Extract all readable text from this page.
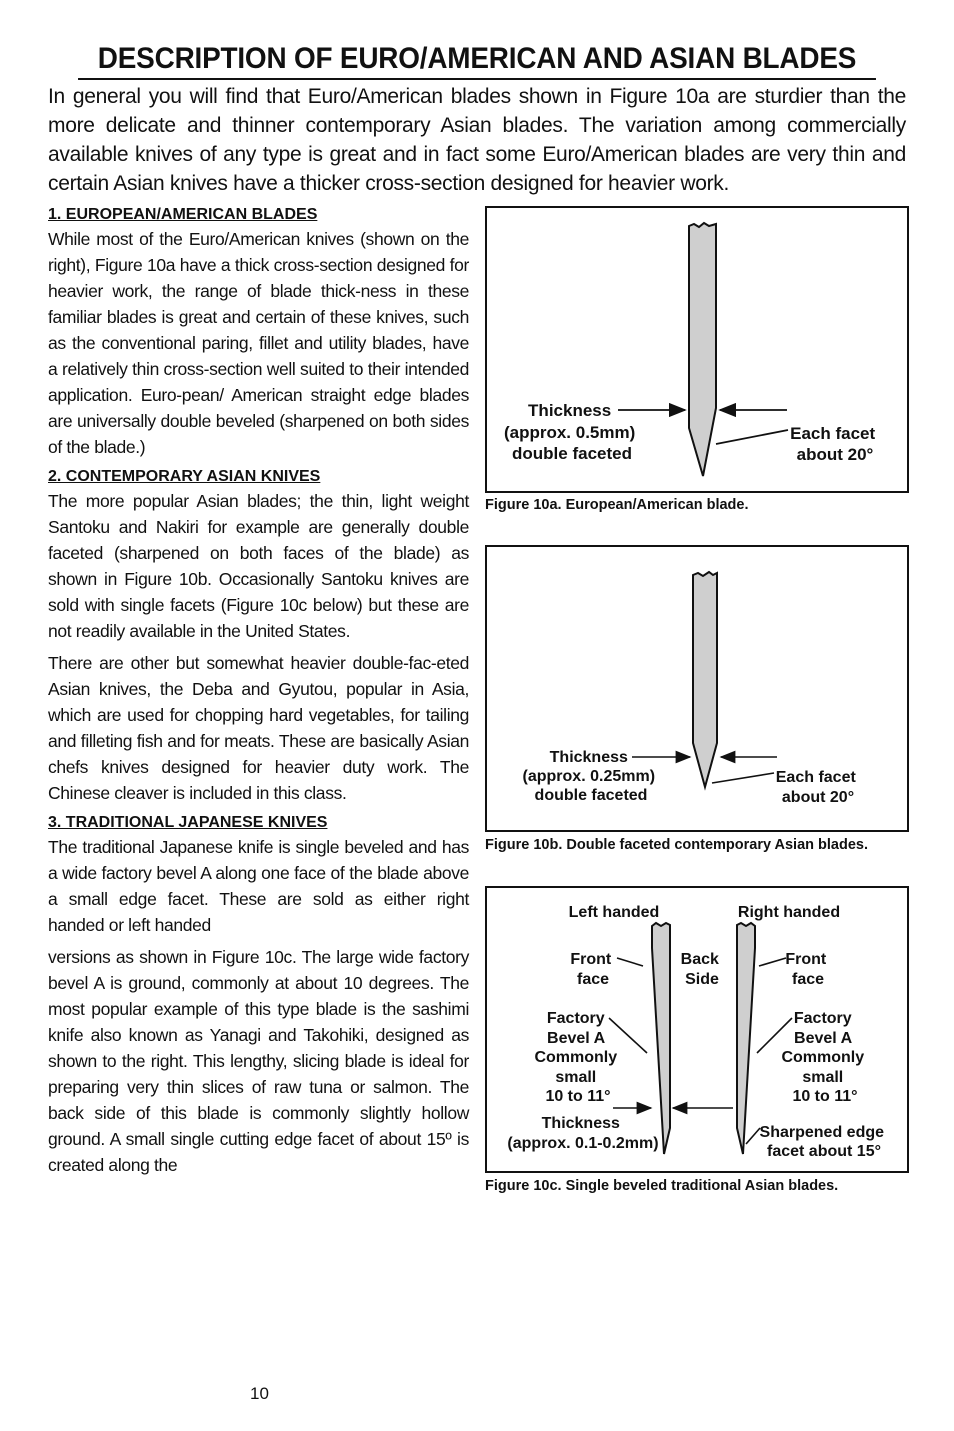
DESCRIPTION OF EURO/AMERICAN AND ASIAN BLADES

In general you will find that Euro/American blades shown in Figure 10a are sturdier than the more delicate and thinner contemporary Asian blades. The variation among commercially available knives of any type is great and in fact some Euro/American blades are very thin and certain Asian knives have a thicker cross-section designed for heavier work.

1. EUROPEAN/AMERICAN BLADES

While most of the Euro/American knives (shown on the right), Figure 10a have a thick cross-section designed for heavier work, the range of blade thick-ness in these familiar blades is great and certain of these knives, such as the conventional paring, fillet and utility blades, have a relatively thin cross-section well suited to their intended application. Euro-pean/ American straight edge blades are universally double beveled (sharpened on both sides of the blade.)

2. CONTEMPORARY ASIAN KNIVES

The more popular Asian blades; the thin, light weight Santoku and Nakiri for example are generally double faceted (sharpened on both faces of the blade) as shown in Figure 10b. Occasionally Santoku knives are sold with single facets (Figure 10c below) but these are not readily available in the United States.

There are other but somewhat heavier double-fac-eted Asian knives, the Deba and Gyutou, popular in Asia, which are used for chopping hard vegetables, for tailing and filleting fish and for meats. These are basically Asian chefs knives designed for heavier duty work. The Chinese cleaver is included in this class.

3. TRADITIONAL JAPANESE KNIVES

The traditional Japanese knife is single beveled and has a wide factory bevel A along one face of the blade above a small edge facet. These are sold as either right handed or left handed

versions as shown in Figure 10c. The large wide factory bevel A is ground, commonly at about 10 degrees. The most popular example of this type blade is the sashimi knife also known as Yanagi and Takohiki, designed as shown to the right. This lengthy, slicing blade is ideal for preparing very thin slices of raw tuna or salmon. The back side of this blade is commonly slightly hollow ground. A small single cutting edge facet of about 15º is created along the

Thickness (approx. 0.5mm) double faceted
Each facet about 20°
Figure 10a. European/American blade.
Thickness (approx. 0.25mm) double faceted
Each facet about 20°
Figure 10b. Double faceted contemporary Asian blades.
Left handed	Right handed
Front face
Back Side
Front face
Factory Bevel A Commonly small 10 to 11°
Factory Bevel A Commonly small 10 to 11°
Thickness (approx. 0.1-0.2mm)
Sharpened edge facet about 15°
Figure 10c. Single beveled traditional Asian blades.
10
